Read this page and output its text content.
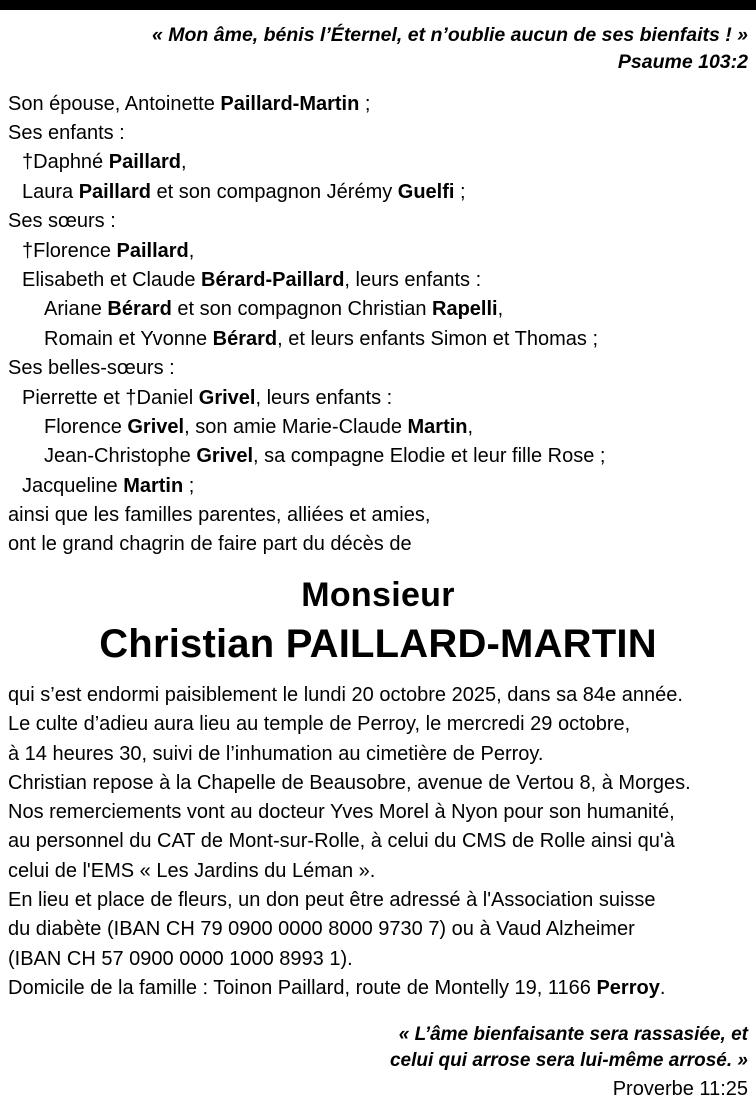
« Mon âme, bénis l’Éternel, et n’oublie aucun de ses bienfaits ! »
Psaume 103:2
Son épouse, Antoinette Paillard-Martin ;
Ses enfants :
†Daphné Paillard,
Laura Paillard et son compagnon Jérémy Guelfi ;
Ses sœurs :
†Florence Paillard,
Elisabeth et Claude Bérard-Paillard, leurs enfants :
Ariane Bérard et son compagnon Christian Rapelli,
Romain et Yvonne Bérard, et leurs enfants Simon et Thomas ;
Ses belles-sœurs :
Pierrette et †Daniel Grivel, leurs enfants :
Florence Grivel, son amie Marie-Claude Martin,
Jean-Christophe Grivel, sa compagne Elodie et leur fille Rose ;
Jacqueline Martin ;
ainsi que les familles parentes, alliées et amies,
ont le grand chagrin de faire part du décès de
Monsieur
Christian PAILLARD-MARTIN
qui s’est endormi paisiblement le lundi 20 octobre 2025, dans sa 84e année.
Le culte d’adieu aura lieu au temple de Perroy, le mercredi 29 octobre,
à 14 heures 30, suivi de l’inhumation au cimetière de Perroy.
Christian repose à la Chapelle de Beausobre, avenue de Vertou 8, à Morges.
Nos remerciements vont au docteur Yves Morel à Nyon pour son humanité,
au personnel du CAT de Mont-sur-Rolle, à celui du CMS de Rolle ainsi qu'à
celui de l'EMS « Les Jardins du Léman ».
En lieu et place de fleurs, un don peut être adressé à l'Association suisse
du diabète (IBAN CH 79 0900 0000 8000 9730 7) ou à Vaud Alzheimer
(IBAN CH 57 0900 0000 1000 8993 1).
Domicile de la famille : Toinon Paillard, route de Montelly 19, 1166 Perroy.
« L’âme bienfaisante sera rassasiée, et
celui qui arrose sera lui-même arrosé. »
Proverbe 11:25
